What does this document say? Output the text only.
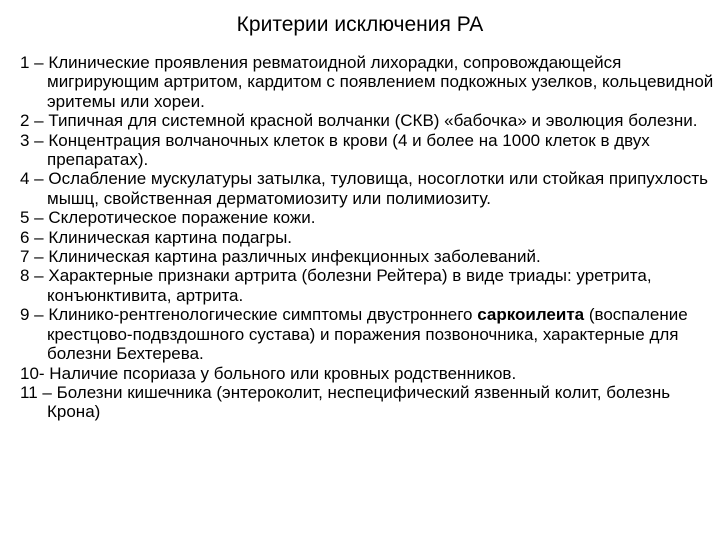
Критерии исключения РА
1 – Клинические проявления ревматоидной лихорадки, сопровождающейся мигрирующим артритом, кардитом с появлением подкожных узелков, кольцевидной эритемы или хореи.
2 – Типичная для системной красной волчанки (СКВ) «бабочка» и эволюция болезни.
3 – Концентрация волчаночных клеток в крови (4 и более на 1000 клеток в двух препаратах).
4 – Ослабление мускулатуры затылка, туловища, носоглотки или стойкая припухлость мышц, свойственная дерматомиозиту или полимиозиту.
5 – Склеротическое поражение кожи.
6 – Клиническая картина подагры.
7 – Клиническая картина различных инфекционных заболеваний.
8 – Характерные признаки артрита (болезни Рейтера) в виде триады: уретрита, конъюнктивита, артрита.
9 – Клинико-рентгенологические симптомы двустроннего саркоилеита (воспаление крестцово-подвздошного сустава) и поражения позвоночника, характерные для болезни Бехтерева.
10- Наличие псориаза у больного или кровных родственников.
11 – Болезни кишечника (энтероколит, неспецифический язвенный колит, болезнь Крона)
